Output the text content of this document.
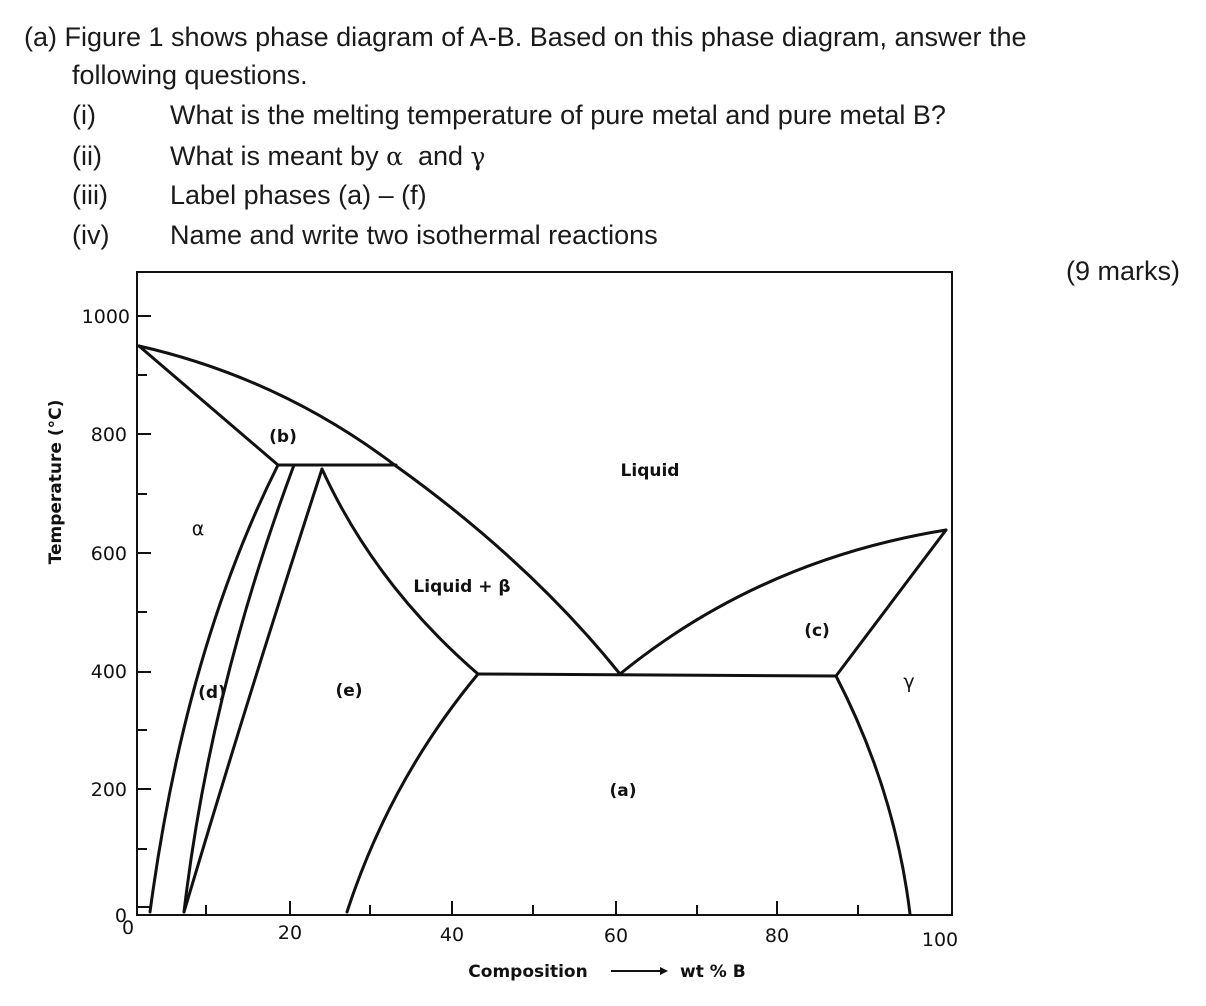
(a) Figure 1 shows phase diagram of A-B. Based on this phase diagram, answer the
following questions.
(i)	What is the melting temperature of pure metal and pure metal B?
(ii)	What is meant by α  and γ
(iii) Label phases (a) – (f)
(iv) Name and write two isothermal reactions
(9 marks)
0
200
400
600
800
1000
0	20	40	60	80	100
Temperature (°C)
Composition	wt % B
Liquid
Liquid + β
(b)
(c)
(d)	(e)
(a)
α
γ
